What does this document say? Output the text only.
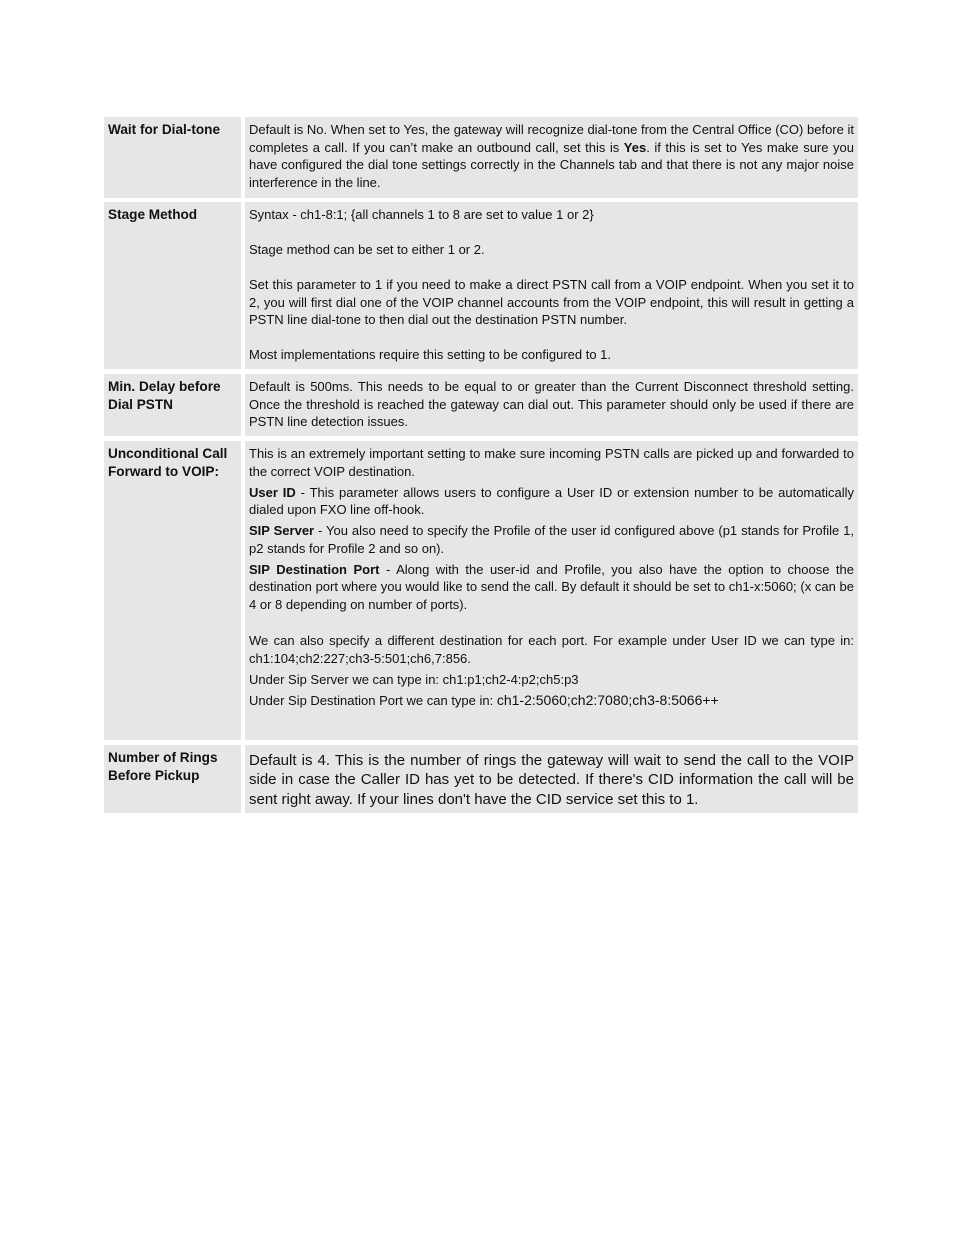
Wait for Dial-tone	Default is No. When set to Yes, the gateway will recognize dial-tone from the Central Office (CO) before it completes a call. If you can’t make an outbound call, set this is Yes. if this is set to Yes make sure you have configured the dial tone settings correctly in the Channels tab and that there is not any major noise interference in the line.

Stage Method	Syntax - ch1-8:1; {all channels 1 to 8 are set to value 1 or 2}

Stage method can be set to either 1 or 2.

Set this parameter to 1 if you need to make a direct PSTN call from a VOIP endpoint. When you set it to 2, you will first dial one of the VOIP channel accounts from the VOIP endpoint, this will result in getting a PSTN line dial-tone to then dial out the destination PSTN number.

Most implementations require this setting to be configured to 1.

Min. Delay before Dial PSTN

Default is 500ms. This needs to be equal to or greater than the Current Disconnect threshold setting. Once the threshold is reached the gateway can dial out. This parameter should only be used if there are PSTN line detection issues.

Unconditional Call Forward to VOIP:

This is an extremely important setting to make sure incoming PSTN calls are picked up and forwarded to the correct VOIP destination.

User ID - This parameter allows users to configure a User ID or extension number to be automatically dialed upon FXO line off-hook.

SIP Server - You also need to specify the Profile of the user id configured above (p1 stands for Profile 1, p2 stands for Profile 2 and so on).

SIP Destination Port - Along with the user-id and Profile, you also have the option to choose the destination port where you would like to send the call. By default it should be set to ch1-x:5060; (x can be 4 or 8 depending on number of ports).

We can also specify a different destination for each port. For example under User ID we can type in: ch1:104;ch2:227;ch3-5:501;ch6,7:856.

Under Sip Server we can type in: ch1:p1;ch2-4:p2;ch5:p3

Under Sip Destination Port we can type in: ch1-2:5060;ch2:7080;ch3-8:5066++

Number of Rings Before Pickup

Default is 4. This is the number of rings the gateway will wait to send the call to the VOIP side in case the Caller ID has yet to be detected. If there's CID information the call will be sent right away. If your lines don't have the CID service set this to 1.
